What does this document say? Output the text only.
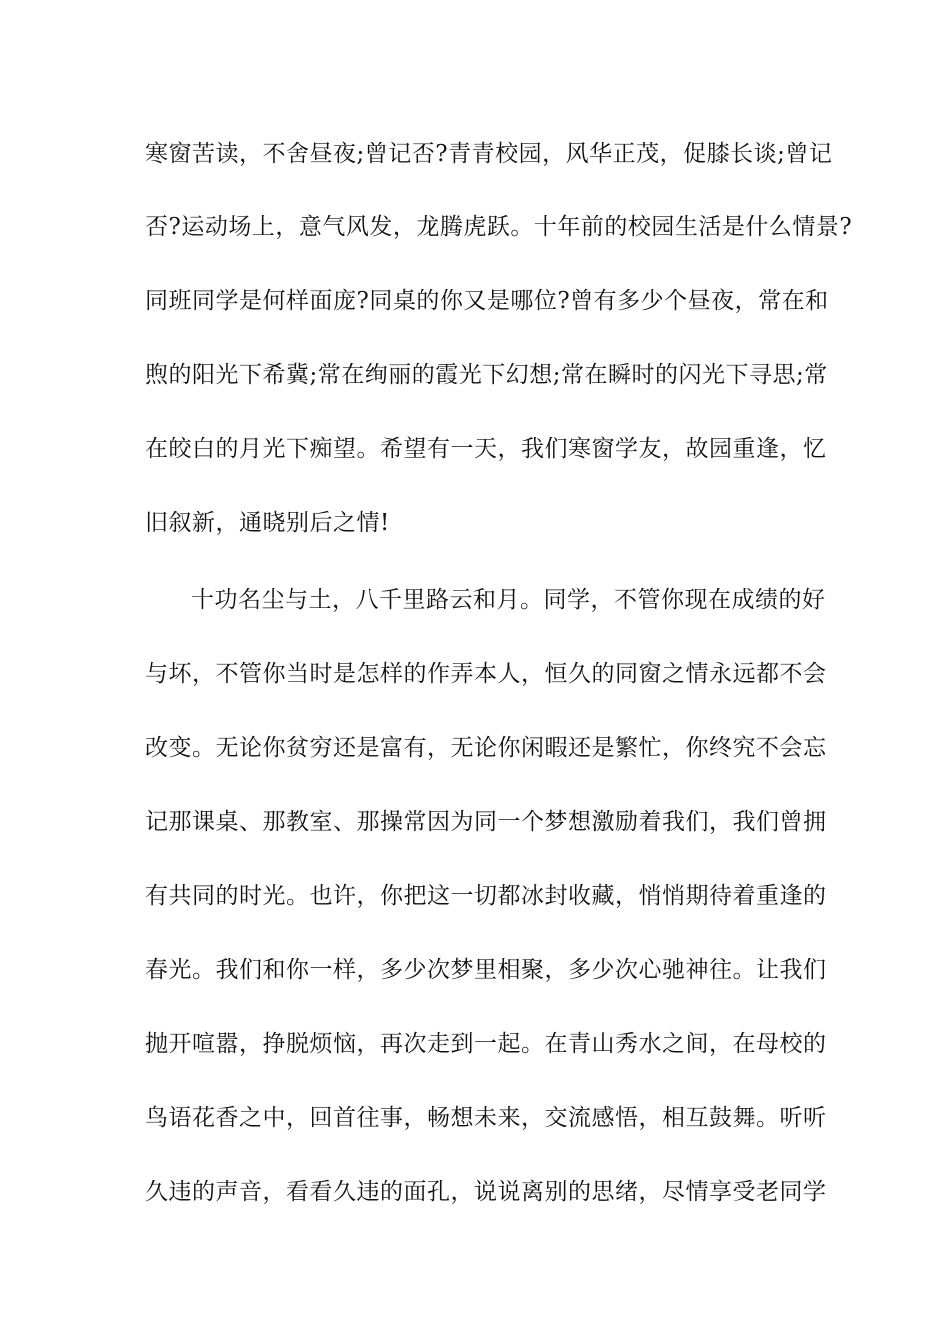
寒窗苦读，不舍昼夜;曾记否?青青校园，风华正茂，促膝长谈;曾记
否?运动场上，意气风发，龙腾虎跃。十年前的校园生活是什么情景?
同班同学是何样面庞?同桌的你又是哪位?曾有多少个昼夜，常在和
煦的阳光下希冀;常在绚丽的霞光下幻想;常在瞬时的闪光下寻思;常
在皎白的月光下痴望。希望有一天，我们寒窗学友，故园重逢，忆
旧叙新，通晓别后之情!
十功名尘与土，八千里路云和月。同学，不管你现在成绩的好
与坏，不管你当时是怎样的作弄本人，恒久的同窗之情永远都不会
改变。无论你贫穷还是富有，无论你闲暇还是繁忙，你终究不会忘
记那课桌、那教室、那操常因为同一个梦想激励着我们，我们曾拥
有共同的时光。也许，你把这一切都冰封收藏，悄悄期待着重逢的
春光。我们和你一样，多少次梦里相聚，多少次心驰神往。让我们
抛开喧嚣，挣脱烦恼，再次走到一起。在青山秀水之间，在母校的
鸟语花香之中，回首往事，畅想未来，交流感悟，相互鼓舞。听听
久违的声音，看看久违的面孔，说说离别的思绪，尽情享受老同学
